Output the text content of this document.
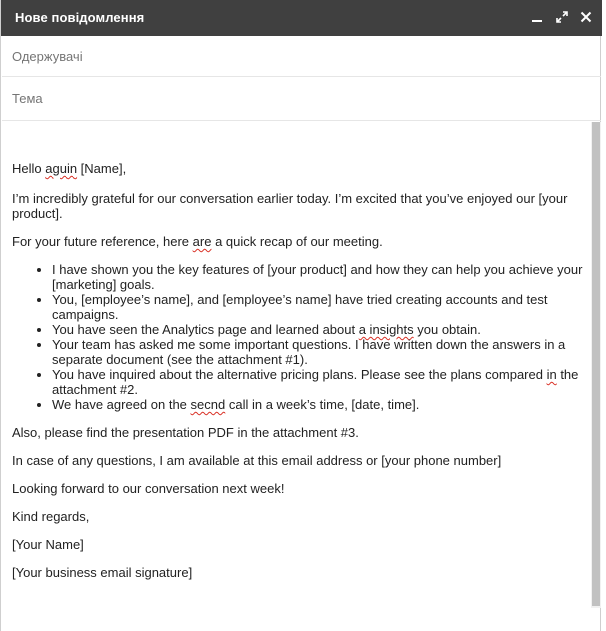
Нове повідомлення
Одержувачі
Тема
Hello aguin [Name],
I’m incredibly grateful for our conversation earlier today. I’m excited that you’ve enjoyed our [your product].
For your future reference, here are a quick recap of our meeting.
• I have shown you the key features of [your product] and how they can help you achieve your [marketing] goals.
• You, [employee’s name], and [employee’s name] have tried creating accounts and test campaigns.
• You have seen the Analytics page and learned about a insights you obtain.
• Your team has asked me some important questions. I have written down the answers in a separate document (see the attachment #1).
• You have inquired about the alternative pricing plans. Please see the plans compared in the attachment #2.
• We have agreed on the secnd call in a week’s time, [date, time].
Also, please find the presentation PDF in the attachment #3.
In case of any questions, I am available at this email address or [your phone number]
Looking forward to our conversation next week!
Kind regards,
[Your Name]
[Your business email signature]
